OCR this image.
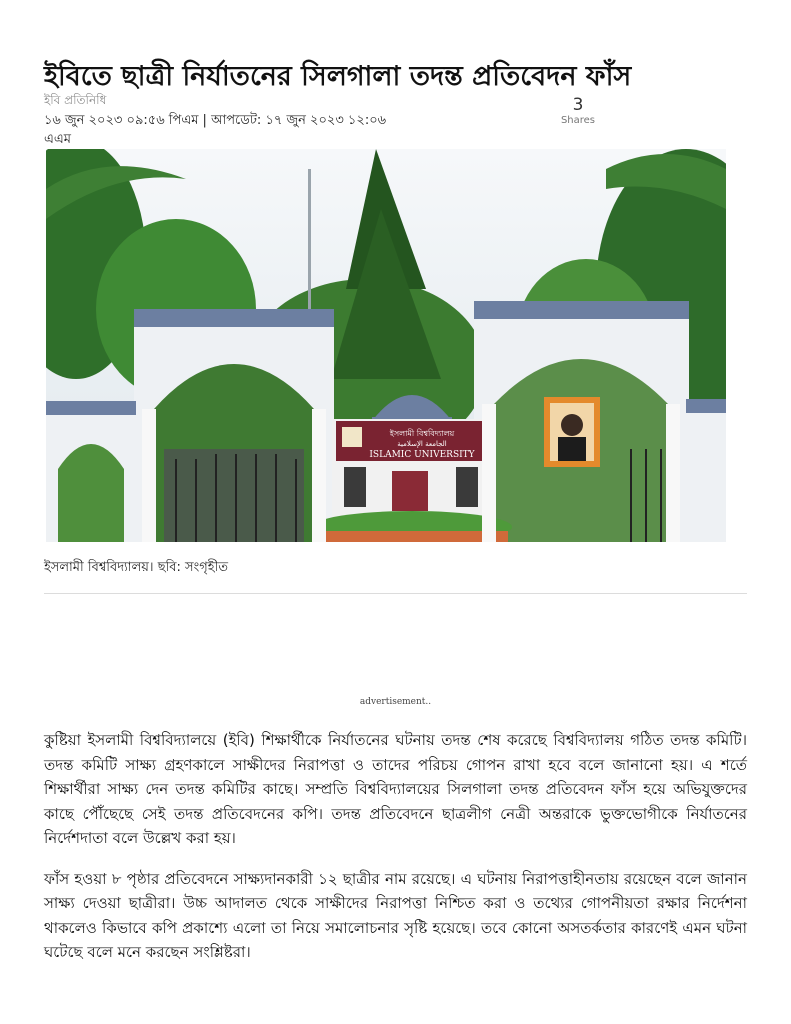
ইবিতে ছাত্রী নির্যাতনের সিলগালা তদন্ত প্রতিবেদন ফাঁস
ইবি প্রতিনিধি
১৬ জুন ২০২৩ ০৯:৫৬ পিএম | আপডেট: ১৭ জুন ২০২৩ ১২:০৬ এএম
3
Shares
ইসলামী বিশ্ববিদ্যালয়
الجامعة الإسلامية
ISLAMIC UNIVERSITY
ইসলামী বিশ্ববিদ্যালয়। ছবি: সংগৃহীত
advertisement..

কুষ্টিয়া ইসলামী বিশ্ববিদ্যালয়ে (ইবি) শিক্ষার্থীকে নির্যাতনের ঘটনায় তদন্ত শেষ করেছে বিশ্ববিদ্যালয় গঠিত তদন্ত কমিটি। তদন্ত কমিটি সাক্ষ্য গ্রহণকালে সাক্ষীদের নিরাপত্তা ও তাদের পরিচয় গোপন রাখা হবে বলে জানানো হয়। এ শর্তে শিক্ষার্থীরা সাক্ষ্য দেন তদন্ত কমিটির কাছে। সম্প্রতি বিশ্ববিদ্যালয়ের সিলগালা তদন্ত প্রতিবেদন ফাঁস হয়ে অভিযুক্তদের কাছে পৌঁছেছে সেই তদন্ত প্রতিবেদনের কপি। তদন্ত প্রতিবেদনে ছাত্রলীগ নেত্রী অন্তরাকে ভুক্তভোগীকে নির্যাতনের নির্দেশদাতা বলে উল্লেখ করা হয়।

ফাঁস হওয়া ৮ পৃষ্ঠার প্রতিবেদনে সাক্ষ্যদানকারী ১২ ছাত্রীর নাম রয়েছে। এ ঘটনায় নিরাপত্তাহীনতায় রয়েছেন বলে জানান সাক্ষ্য দেওয়া ছাত্রীরা। উচ্চ আদালত থেকে সাক্ষীদের নিরাপত্তা নিশ্চিত করা ও তথ্যের গোপনীয়তা রক্ষার নির্দেশনা থাকলেও কিভাবে কপি প্রকাশ্যে এলো তা নিয়ে সমালোচনার সৃষ্টি হয়েছে। তবে কোনো অসতর্কতার কারণেই এমন ঘটনা ঘটেছে বলে মনে করছেন সংশ্লিষ্টরা।
